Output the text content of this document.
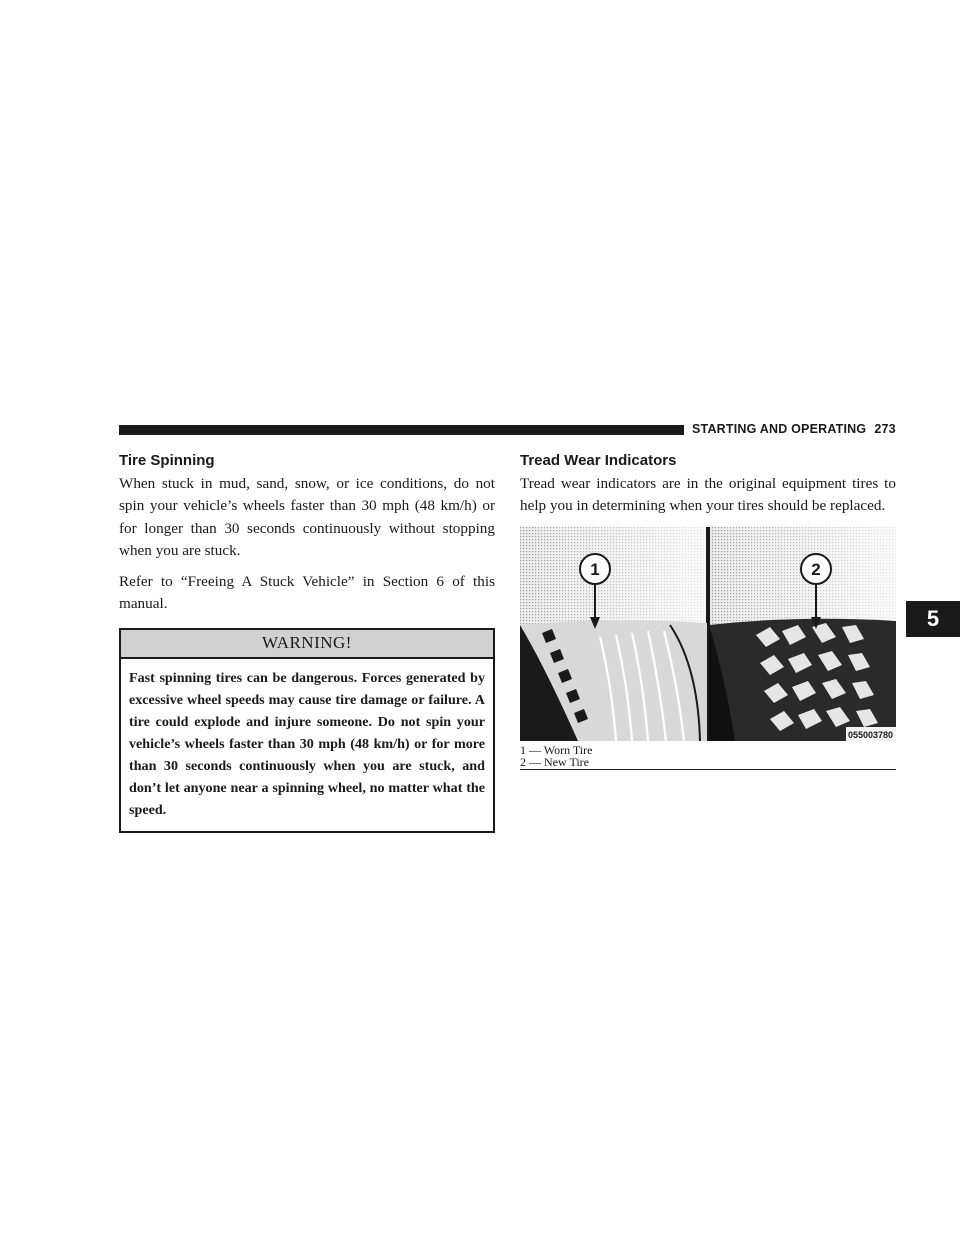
STARTING AND OPERATING 273
5
Tire Spinning

When stuck in mud, sand, snow, or ice conditions, do not spin your vehicle’s wheels faster than 30 mph (48 km/h) or for longer than 30 seconds continuously without stopping when you are stuck.

Refer to “Freeing A Stuck Vehicle” in Section 6 of this manual.

WARNING!
Fast spinning tires can be dangerous. Forces generated by excessive wheel speeds may cause tire damage or failure. A tire could explode and injure someone. Do not spin your vehicle’s wheels faster than 30 mph (48 km/h) or for more than 30 seconds continuously when you are stuck, and don’t let anyone near a spinning wheel, no matter what the speed.
Tread Wear Indicators

Tread wear indicators are in the original equipment tires to help you in determining when your tires should be replaced.

1	2
055003780
1 — Worn Tire
2 — New Tire
